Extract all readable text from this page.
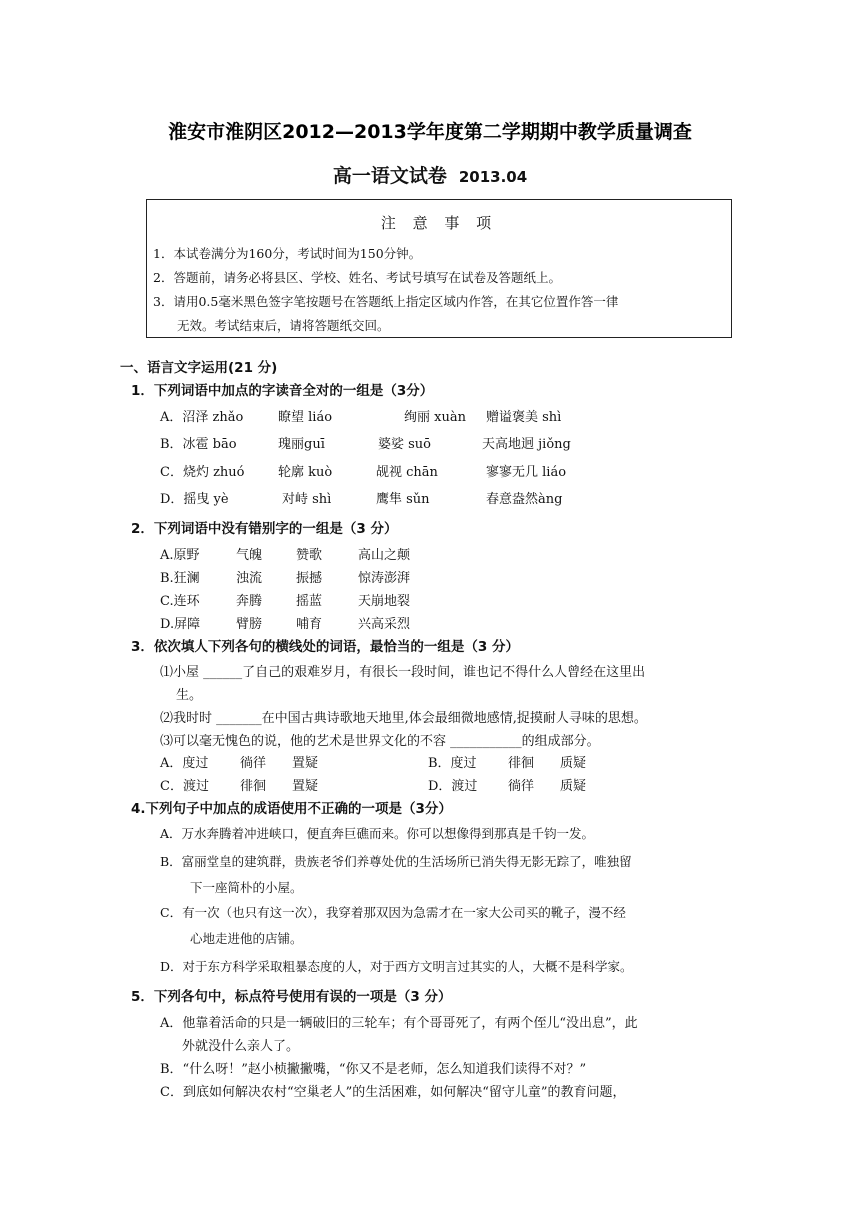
淮安市淮阴区2012—2013学年度第二学期期中教学质量调查
高一语文试卷 2013.04
注 意 事 项
1．本试卷满分为160分，考试时间为150分钟。
2．答题前，请务必将县区、学校、姓名、考试号填写在试卷及答题纸上。
3．请用0.5毫米黑色签字笔按题号在答题纸上指定区域内作答，在其它位置作答一律
无效。考试结束后，请将答题纸交回。
一、语言文字运用(21 分)
1．下列词语中加点的字读音全对的一组是（3分）
A．沼泽 zhǎo	瞭望 liáo	绚丽 xuàn 赠谥褒美 shì
B．冰雹 bāo	瑰丽guī	婆娑 suō	天高地迥 jiǒng
C．烧灼 zhuó	轮廓 kuò	觇视 chān	寥寥无几 liáo
D．摇曳 yè	对峙 shì	鹰隼 sǔn	春意盎然àng
2．下列词语中没有错别字的一组是（3 分）
A.原野	气魄	赞歌	高山之颠
B.狂澜	浊流	振撼	惊涛澎湃
C.连环	奔腾	摇蓝	天崩地裂
D.屏障	臂膀	哺育	兴高采烈
3．依次填人下列各句的横线处的词语，最恰当的一组是（3 分）
⑴小屋 ______了自己的艰难岁月，有很长一段时间，谁也记不得什么人曾经在这里出
生。
⑵我时时 _______在中国古典诗歌地天地里,体会最细微地感情,捉摸耐人寻味的思想。
⑶可以毫无愧色的说，他的艺术是世界文化的不容 ___________的组成部分。
A．度过 徜徉 置疑	B．度过 徘徊 质疑
C．渡过 徘徊 置疑	D．渡过 徜徉 质疑
4.下列句子中加点的成语使用不正确的一项是（3分）
A．万水奔腾着冲进峡口，便直奔巨礁而来。你可以想像得到那真是千钧一发。
B．富丽堂皇的建筑群，贵族老爷们养尊处优的生活场所已消失得无影无踪了，唯独留
下一座简朴的小屋。
C．有一次（也只有这一次），我穿着那双因为急需才在一家大公司买的靴子，漫不经
心地走进他的店铺。
D．对于东方科学采取粗暴态度的人，对于西方文明言过其实的人，大概不是科学家。
5．下列各句中，标点符号使用有误的一项是（3 分）
A．他靠着活命的只是一辆破旧的三轮车；有个哥哥死了，有两个侄儿“没出息”，此
外就没什么亲人了。
B．“什么呀！”赵小桢撇撇嘴，“你又不是老师，怎么知道我们读得不对？”
C．到底如何解决农村“空巢老人”的生活困难，如何解决“留守儿童”的教育问题，
